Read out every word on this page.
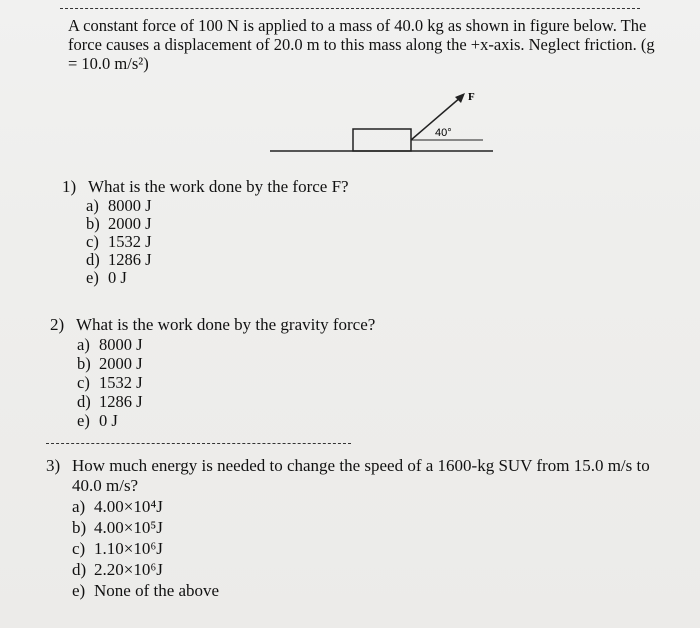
A constant force of 100 N is applied to a mass of 40.0 kg as shown in figure below. The
force causes a displacement of 20.0 m to this mass along the +x-axis. Neglect friction. (g
= 10.0 m/s²)
F
40°
1) What is the work done by the force F?
a) 8000 J
b) 2000 J
c) 1532 J
d) 1286 J
e) 0 J
2) What is the work done by the gravity force?
a) 8000 J
b) 2000 J
c) 1532 J
d) 1286 J
e) 0 J
3) How much energy is needed to change the speed of a 1600-kg SUV from 15.0 m/s to
40.0 m/s?
a) 4.00×10⁴J
b) 4.00×10⁵J
c) 1.10×10⁶J
d) 2.20×10⁶J
e) None of the above
